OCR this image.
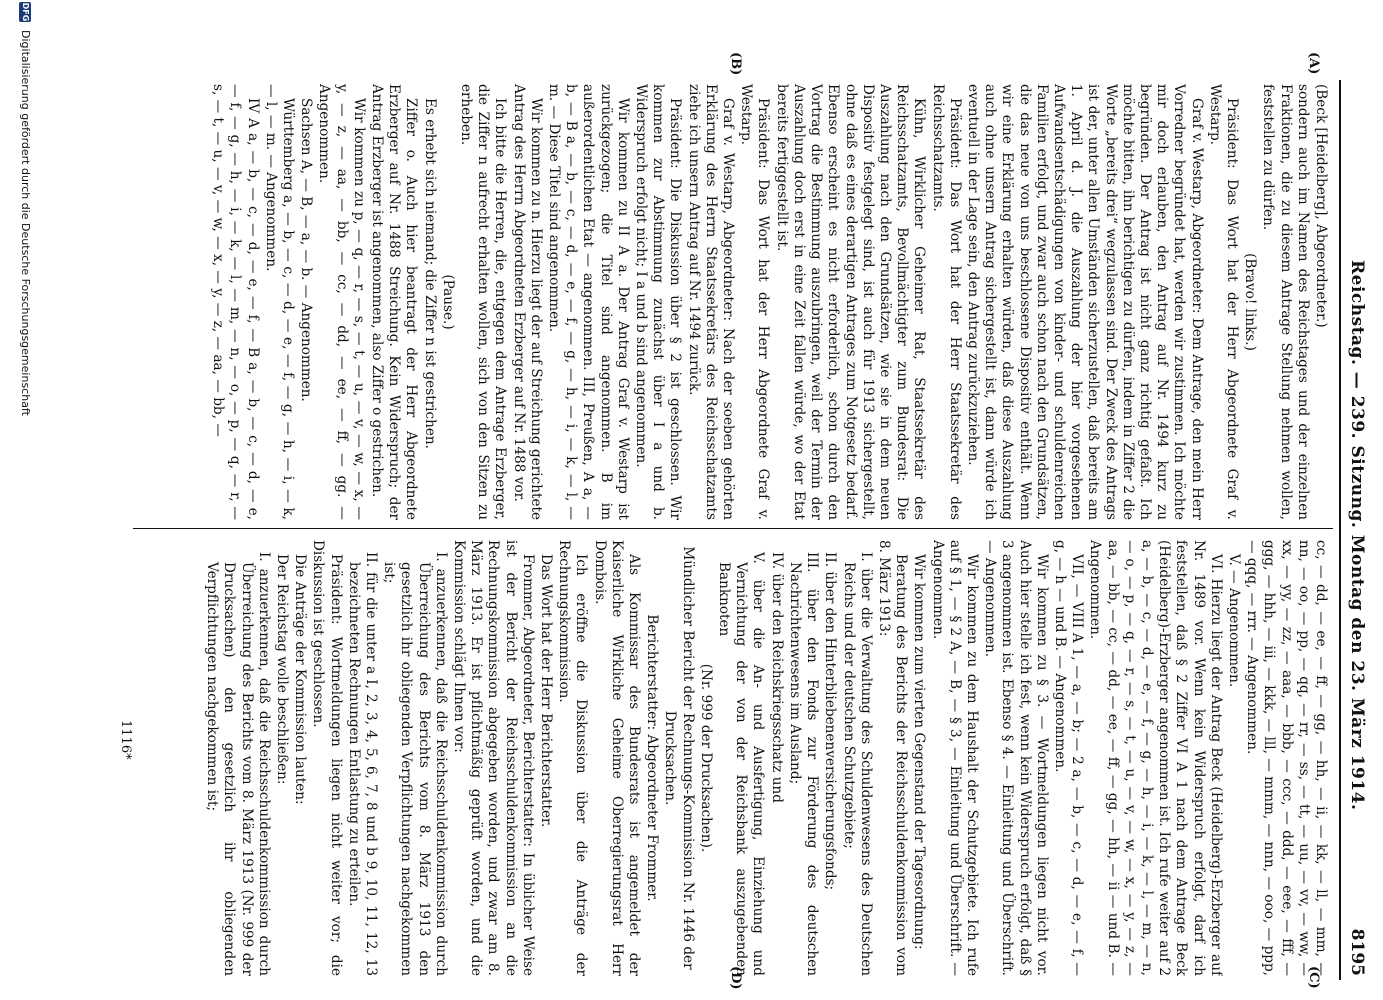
Reichstag. — 239. Sitzung. Montag den 23. März 1914.
8195
(A)
(B)
(C)
(D)

(Beck [Heidelberg], Abgeordneter.)

sondern auch im Namen des Reichstages und der einzelnen Fraktionen, die zu diesem Antrage Stellung nehmen wollen, feststellen zu dürfen.

(Bravo! links.)

Präsident: Das Wort hat der Herr Abgeordnete Graf v. Westarp.

Graf v. Westarp, Abgeordneter: Dem Antrage, den mein Herr Vorredner begründet hat, werden wir zustimmen. Ich möchte mir doch erlauben, den Antrag auf Nr. 1494 kurz zu begründen. Der Antrag ist nicht ganz richtig gefaßt. Ich möchte bitten, ihn berichtigen zu dürfen, indem in Ziffer 2 die Worte „bereits drei“ wegzulassen sind. Der Zweck des Antrags ist der, unter allen Umständen sicherzustellen, daß bereits am 1. April d. J. die Auszahlung der hier vorgesehenen Aufwandsentschädigungen von kinder- und schuldenreichen Familien erfolgt, und zwar auch schon nach den Grundsätzen, die das neue von uns beschlossene Dispositiv enthält. Wenn wir eine Erklärung erhalten würden, daß diese Auszahlung auch ohne unsern Antrag sichergestellt ist, dann würde ich eventuell in der Lage sein, den Antrag zurückzuziehen.

Präsident: Das Wort hat der Herr Staatssekretär des Reichsschatzamts.

Kühn, Wirklicher Geheimer Rat, Staatssekretär des Reichsschatzamts, Bevollmächtigter zum Bundesrat: Die Auszahlung nach den Grundsätzen, wie sie in dem neuen Dispositiv festgelegt sind, ist auch für 1913 sichergestellt, ohne daß es eines derartigen Antrages zum Notgesetz bedarf. Ebenso erscheint es nicht erforderlich, schon durch den Vortrag die Bestimmung auszubringen, weil der Termin der Auszahlung doch erst in eine Zeit fallen würde, wo der Etat bereits fertiggestellt ist.

Präsident: Das Wort hat der Herr Abgeordnete Graf v. Westarp.

Graf v. Westarp, Abgeordneter: Nach der soeben gehörten Erklärung des Herrn Staatssekretärs des Reichsschatzamts ziehe ich unsern Antrag auf Nr. 1494 zurück.

Präsident: Die Diskussion über § 2 ist geschlossen. Wir kommen zur Abstimmung zunächst über I a und b. Widerspruch erfolgt nicht; I a und b sind angenommen.

Wir kommen zu II A a. Der Antrag Graf v. Westarp ist zurückgezogen; die Titel sind angenommen. B im außerordentlichen Etat — angenommen. III, Preußen, A a, — b, — B a, — b, — c, — d, — e, — f, — g, — h, — i, — k, — l, — m. — Diese Titel sind angenommen.

Wir kommen zu n. Hierzu liegt der auf Streichung gerichtete Antrag des Herrn Abgeordneten Erzberger auf Nr. 1488 vor.

Ich bitte die Herren, die, entgegen dem Antrage Erzberger, die Ziffer n aufrecht erhalten wollen, sich von den Sitzen zu erheben.

(Pause.)

Es erhebt sich niemand; die Ziffer n ist gestrichen.

Ziffer o. Auch hier beantragt der Herr Abgeordnete Erzberger auf Nr. 1488 Streichung. Kein Widerspruch; der Antrag Erzberger ist angenommen, also Ziffer o gestrichen.

Wir kommen zu p, — q, — r, — s, — t, — u, — v, — w, — x, — y, — z, — aa, — bb, — cc, — dd, — ee, — ff, — gg. — Angenommen.

Sachsen A, — B, — a, — b. — Angenommen.

Württemberg a, — b, — c, — d, — e, — f, — g, — h, — i, — k, — l, — m. — Angenommen.

IV A a, — b, — c, — d, — e, — f, — B a, — b, — c, — d, — e, — f, — g, — h, — i, — k, — l, — m, — n, — o, — p, — q, — r, — s, — t, — u, — v, — w, — x, — y, — z, — aa, — bb, —

cc, — dd, — ee, — ff, — gg, — hh, — ii, — kk, — ll, — mm, — nn, — oo, — pp, — qq, — rr, — ss, — tt, — uu, — vv, — ww, — xx, — yy, — zz, — aaa, — bbb, — ccc, — ddd, — eee, — fff, — ggg, — hhh, — iii, — kkk, — lll, — mmm, — nnn, — ooo, — ppp, — qqq, — rrr. — Angenommen.

V. — Angenommen.

VI. Hierzu liegt der Antrag Beck (Heidelberg)-Erzberger auf Nr. 1489 vor. Wenn kein Widerspruch erfolgt, darf ich feststellen, daß § 2 Ziffer VI A 1 nach dem Antrage Beck (Heidelberg)-Erzberger angenommen ist. Ich rufe weiter auf 2 a, — b, — c, — d, — e, — f, — g, — h, — i, — k, — l, — m, — n, — o, — p, — q, — r, — s, — t, — u, — v, — w, — x, — y, — z, — aa, — bb, — cc, — dd, — ee, — ff, — gg, — hh, — ii — und B. — Angenommen.

VII, — VIII A 1, — a, — b; — 2 a, — b, — c, — d, — e, — f, — g, — h — und B. — Angenommen.

Wir kommen zu § 3. — Wortmeldungen liegen nicht vor. Auch hier stelle ich fest, wenn kein Widerspruch erfolgt, daß § 3 angenommen ist. Ebenso § 4. — Einleitung und Überschrift. — Angenommen.

Wir kommen zu dem Haushalt der Schutzgebiete. Ich rufe auf § 1, — § 2 A, — B, — § 3, — Einleitung und Überschrift. — Angenommen.

Wir kommen zum vierten Gegenstand der Tagesordnung:

Beratung des Berichts der Reichsschuldenkommission vom 8. März 1913:

I. über die Verwaltung des Schuldenwesens des Deutschen Reichs und der deutschen Schutzgebiete;

II. über den Hinterbliebenenversicherungsfonds;

III. über den Fonds zur Förderung des deutschen Nachrichtenwesens im Ausland;

IV. über den Reichskriegsschatz und

V. über die An- und Ausfertigung, Einziehung und Vernichtung der von der Reichsbank auszugebenden Banknoten

(Nr. 999 der Drucksachen).

Mündlicher Bericht der Rechnungs-Kommission Nr. 1446 der Drucksachen.

Berichterstatter: Abgeordneter Frommer.

Als Kommissar des Bundesrats ist angemeldet der Kaiserliche Wirkliche Geheime Oberregierungsrat Herr Dombois.

Ich eröffne die Diskussion über die Anträge der Rechnungskommission.

Das Wort hat der Herr Berichterstatter.

Frommer, Abgeordneter, Berichterstatter: In üblicher Weise ist der Bericht der Reichsschuldenkommission an die Rechnungskommission abgegeben worden, und zwar am 8. März 1913. Er ist pflichtmäßig geprüft worden, und die Kommission schlägt Ihnen vor:

I. anzuerkennen, daß die Reichsschuldenkommission durch Überreichung des Berichts vom 8. März 1913 den gesetzlich ihr obliegenden Verpflichtungen nachgekommen ist;

II. für die unter a I, 2, 3, 4, 5, 6, 7, 8 und b 9, 10, 11, 12, 13 bezeichneten Rechnungen Entlastung zu erteilen.

Präsident: Wortmeldungen liegen nicht weiter vor; die Diskussion ist geschlossen.

Die Anträge der Kommission lauten:

Der Reichstag wolle beschließen:

I. anzuerkennen, daß die Reichsschuldenkommission durch Überreichung des Berichts vom 8. März 1913 (Nr. 999 der Drucksachen) den gesetzlich ihr obliegenden Verpflichtungen nachgekommen ist;

1116*
DFG
Digitalisierung gefördert durch die Deutsche Forschungsgemeinschaft
